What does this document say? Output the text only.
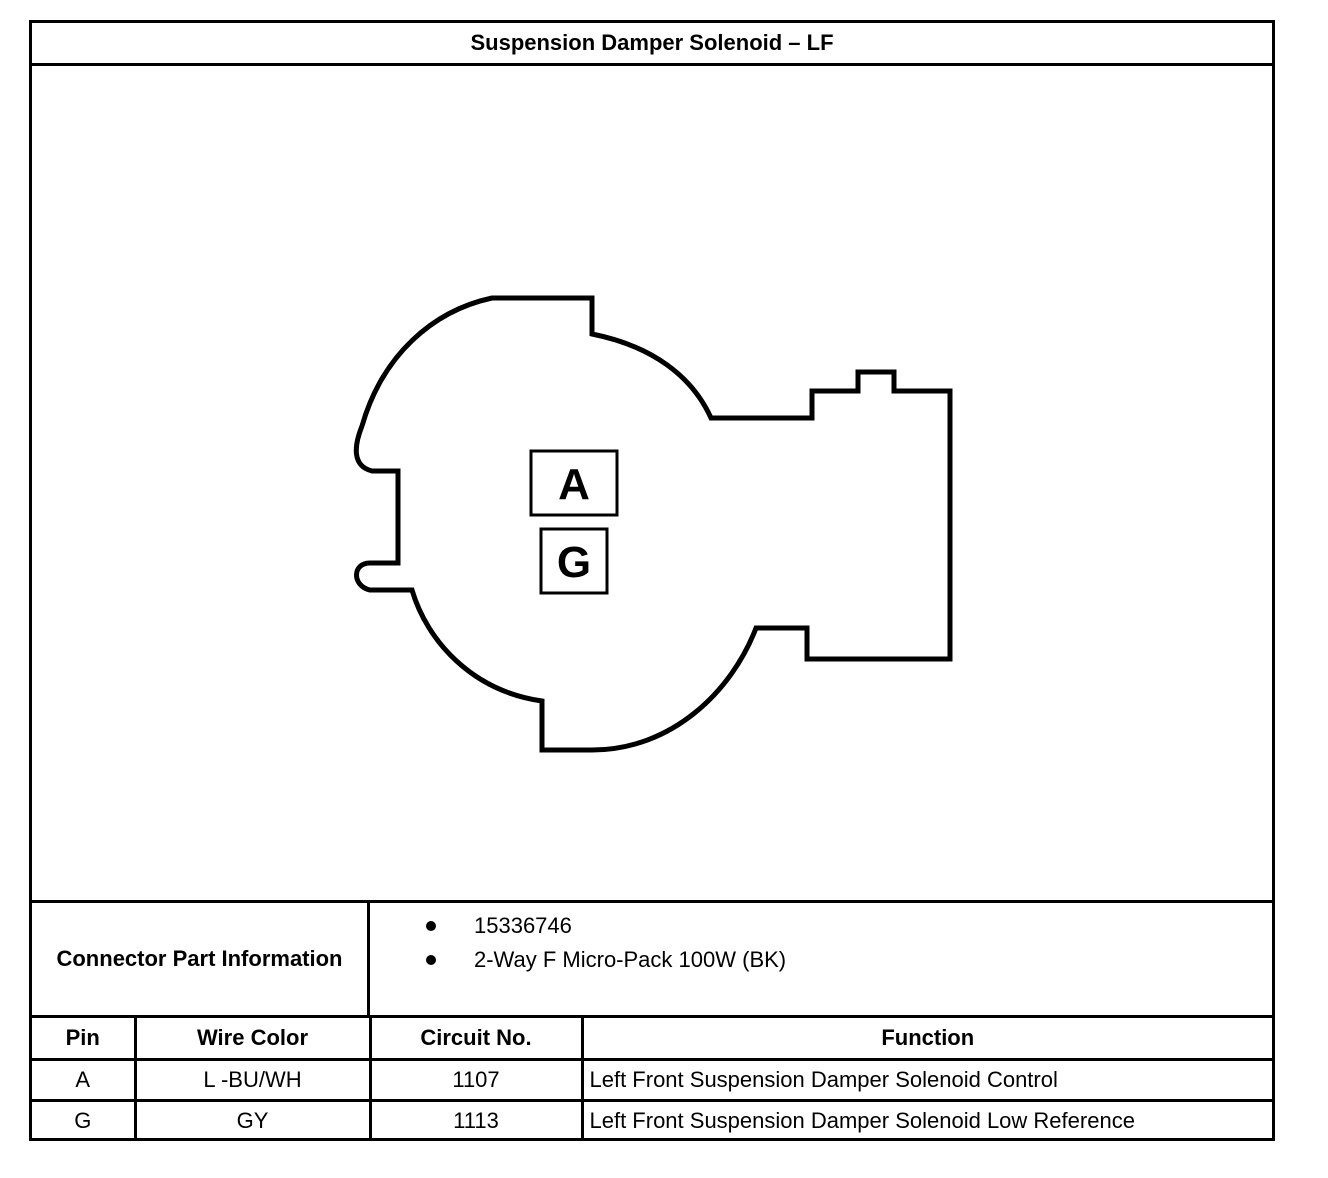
Suspension Damper Solenoid – LF
A
G
Connector Part Information
15336746
2-Way F Micro-Pack 100W (BK)
Pin	Wire Color	Circuit No.	Function
A	L -BU/WH	1107	Left Front Suspension Damper Solenoid Control
G	GY	1113	Left Front Suspension Damper Solenoid Low Reference
